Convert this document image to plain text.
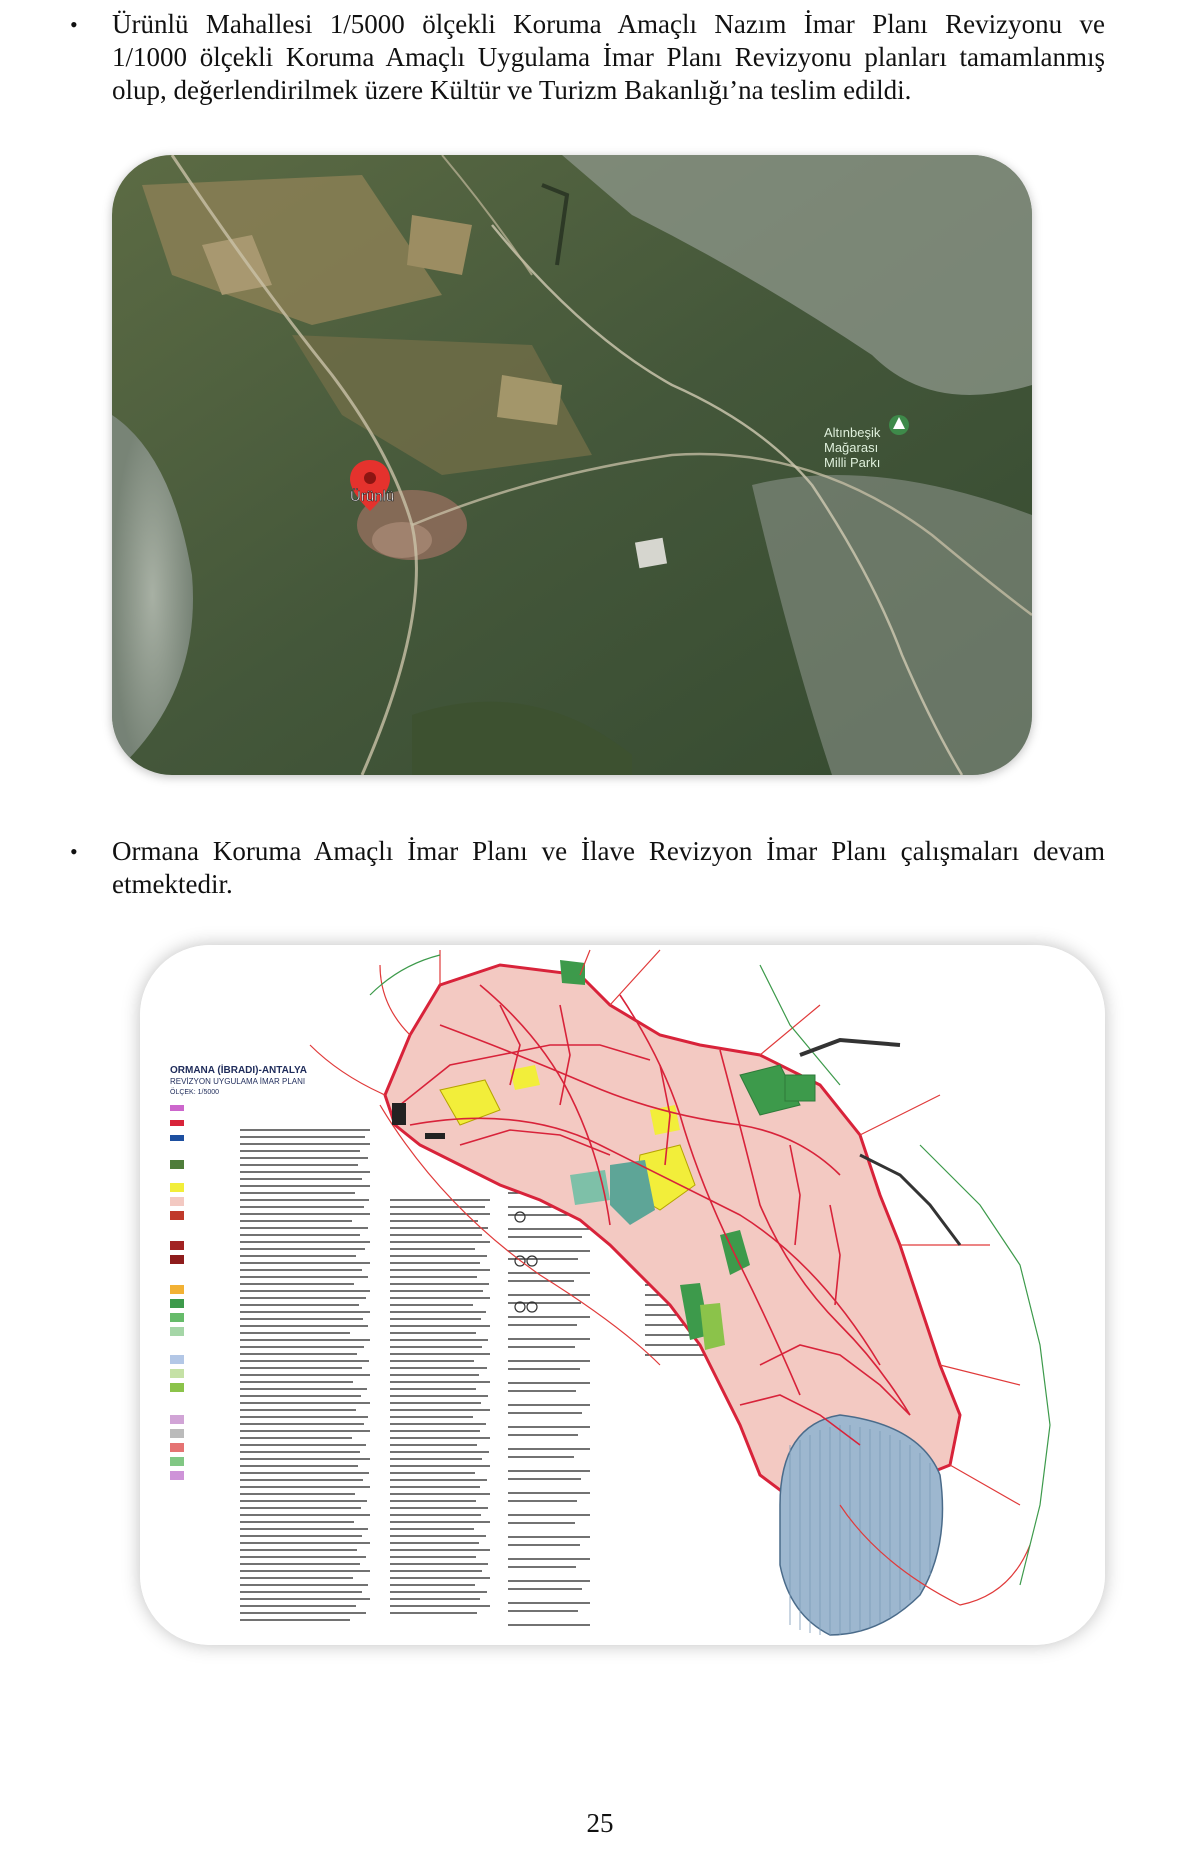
• Ürünlü Mahallesi 1/5000 ölçekli Koruma Amaçlı Nazım İmar Planı Revizyonu ve
1/1000 ölçekli Koruma Amaçlı Uygulama İmar Planı Revizyonu planları tamamlanmış
olup, değerlendirilmek üzere Kültür ve Turizm Bakanlığı’na teslim edildi.
Ürünlü
Altınbeşik
Mağarası
Milli Parkı
• Ormana Koruma Amaçlı İmar Planı ve İlave Revizyon İmar Planı çalışmaları devam
etmektedir.
ORMANA (İBRADI)-ANTALYA
REVİZYON UYGULAMA İMAR PLANI
ÖLÇEK: 1/5000
25
